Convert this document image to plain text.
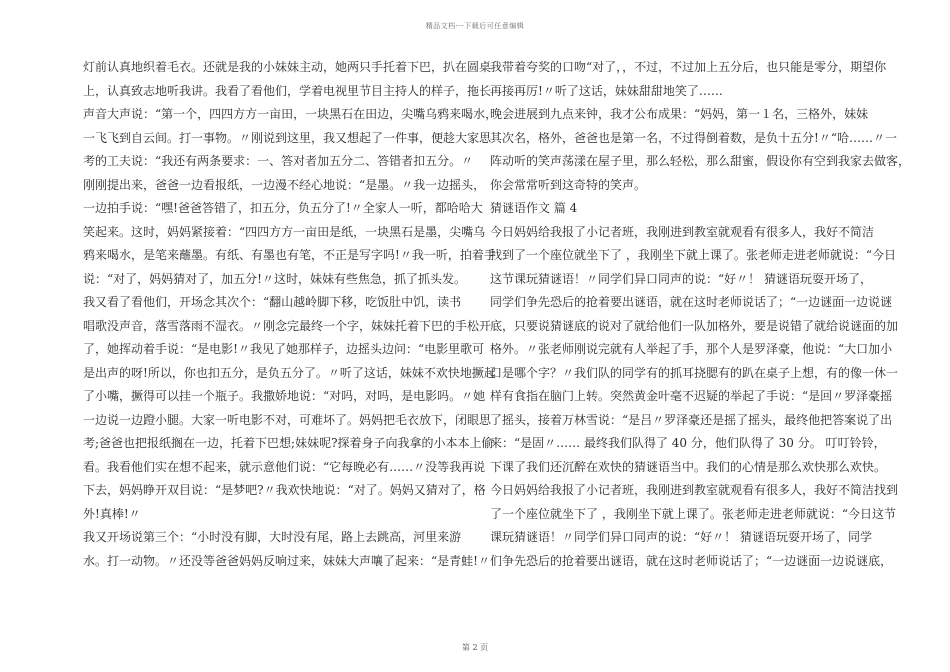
精品文档---下载后可任意编辑
灯前认真地织着毛衣。还就是我的小妹妹主动，她两只手托着下巴，扒在圆桌
上，认真致志地听我讲。我看了看他们，学着电视里节目主持人的样子，拖长
声音大声说：“第一个，四四方方一亩田，一块黑石在田边，尖嘴乌鸦来喝水，
一飞飞到自云间。打一事物。〃刚说到这里，我又想起了一件事，便趁大家思
考的工夫说：“我还有两条要求：一、答对者加五分二、答错者扣五分。〃
刚刚提出来，爸爸一边看报纸，一边漫不经心地说：“是墨。〃我一边摇头，
一边拍手说：“嘿!爸爸答错了，扣五分，负五分了!〃全家人一听，都哈哈大
笑起来。这时，妈妈紧接着：“四四方方一亩田是纸，一块黑石是墨，尖嘴乌
鸦来喝水，是笔来蘸墨。有纸、有墨也有笔，不正是写字吗!〃我一听，拍着手
说：“对了，妈妈猜对了，加五分!〃这时，妹妹有些焦急，抓了抓头发。
我又看了看他们，开场念其次个：“翻山越岭脚下移，吃饭肚中饥，读书
唱歌没声音，落雪落雨不湿衣。〃刚念完最终一个字，妹妹托着下巴的手松开
了，她挥动着手说：“是电影!〃我见了她那样子，边摇头边问：“电影里歌可
是出声的呀!所以，你也扣五分，是负五分了。〃听了这话，妹妹不欢快地撅起
了小嘴，撅得可以挂一个瓶子。我撒娇地说：“对吗，对吗，是电影吗。〃她
一边说一边蹬小腿。大家一听电影不对，可难坏了。妈妈把毛衣放下，闭眼思
考;爸爸也把报纸搁在一边，托着下巴想;妹妹呢?探着身子向我拿的小本本上偷
看。我看他们实在想不起来，就示意他们说：“它每晚必有……〃没等我再说
下去，妈妈睁开双目说：“是梦吧?〃我欢快地说：“对了。妈妈又猜对了，格
外!真棒!〃
我又开场说第三个：“小时没有脚，大时没有尾，路上去跳高，河里来游
水。打一动物。〃还没等爸爸妈妈反响过来，妹妹大声嚷了起来：“是青蛙!〃
我带着夸奖的口吻“对了，，不过，不过加上五分后，也只能是零分，期望你
再接再厉!〃听了这话，妹妹甜甜地笑了……
晚会进展到九点来钟，我才公布成果：“妈妈，第一１名，三格外，妹妹
其次名，格外，爸爸也是第一名，不过得倒着数，是负十五分!〃“哈……〃一
阵动听的笑声荡漾在屋子里，那么轻松，那么甜蜜，假设你有空到我家去做客，
你会常常听到这奇特的笑声。
猜谜语作文 篇 4
今日妈妈给我报了小记者班，我刚进到教室就观看有很多人，我好不简洁
找到了一个座位就坐下了 ，我刚坐下就上课了。张老师走进老师就说：“今日
这节课玩猜谜语！〃同学们异口同声的说：“好〃！ 猜谜语玩耍开场了，
同学们争先恐后的抢着要出谜语，就在这时老师说话了；“一边谜面一边说谜
底，只要说猜谜底的说对了就给他们一队加格外，要是说错了就给说谜面的加
格外。〃张老师刚说完就有人举起了手，那个人是罗泽豪，他说：“大口加小
口是哪个字？〃我们队的同学有的抓耳挠腮有的趴在桌子上想，有的像一休一
样有食指在脑门上转。突然黄金叶毫不迟疑的举起了手说：“是回〃罗泽豪摇
了摇头，接着万林雪说：“是吕〃罗泽豪还是摇了摇头，最终他把答案说了出
来：“是固〃…… 最终我们队得了 40 分，他们队得了 30 分。 叮叮铃铃，
下课了我们还沉醉在欢快的猜谜语当中。我们的心情是那么欢快那么欢快。
今日妈妈给我报了小记者班，我刚进到教室就观看有很多人，我好不简洁找到
了一个座位就坐下了 ，我刚坐下就上课了。张老师走进老师就说：“今日这节
课玩猜谜语！〃同学们异口同声的说：“好〃！ 猜谜语玩耍开场了，同学
们争先恐后的抢着要出谜语，就在这时老师说话了；“一边谜面一边说谜底，
第 2 页
